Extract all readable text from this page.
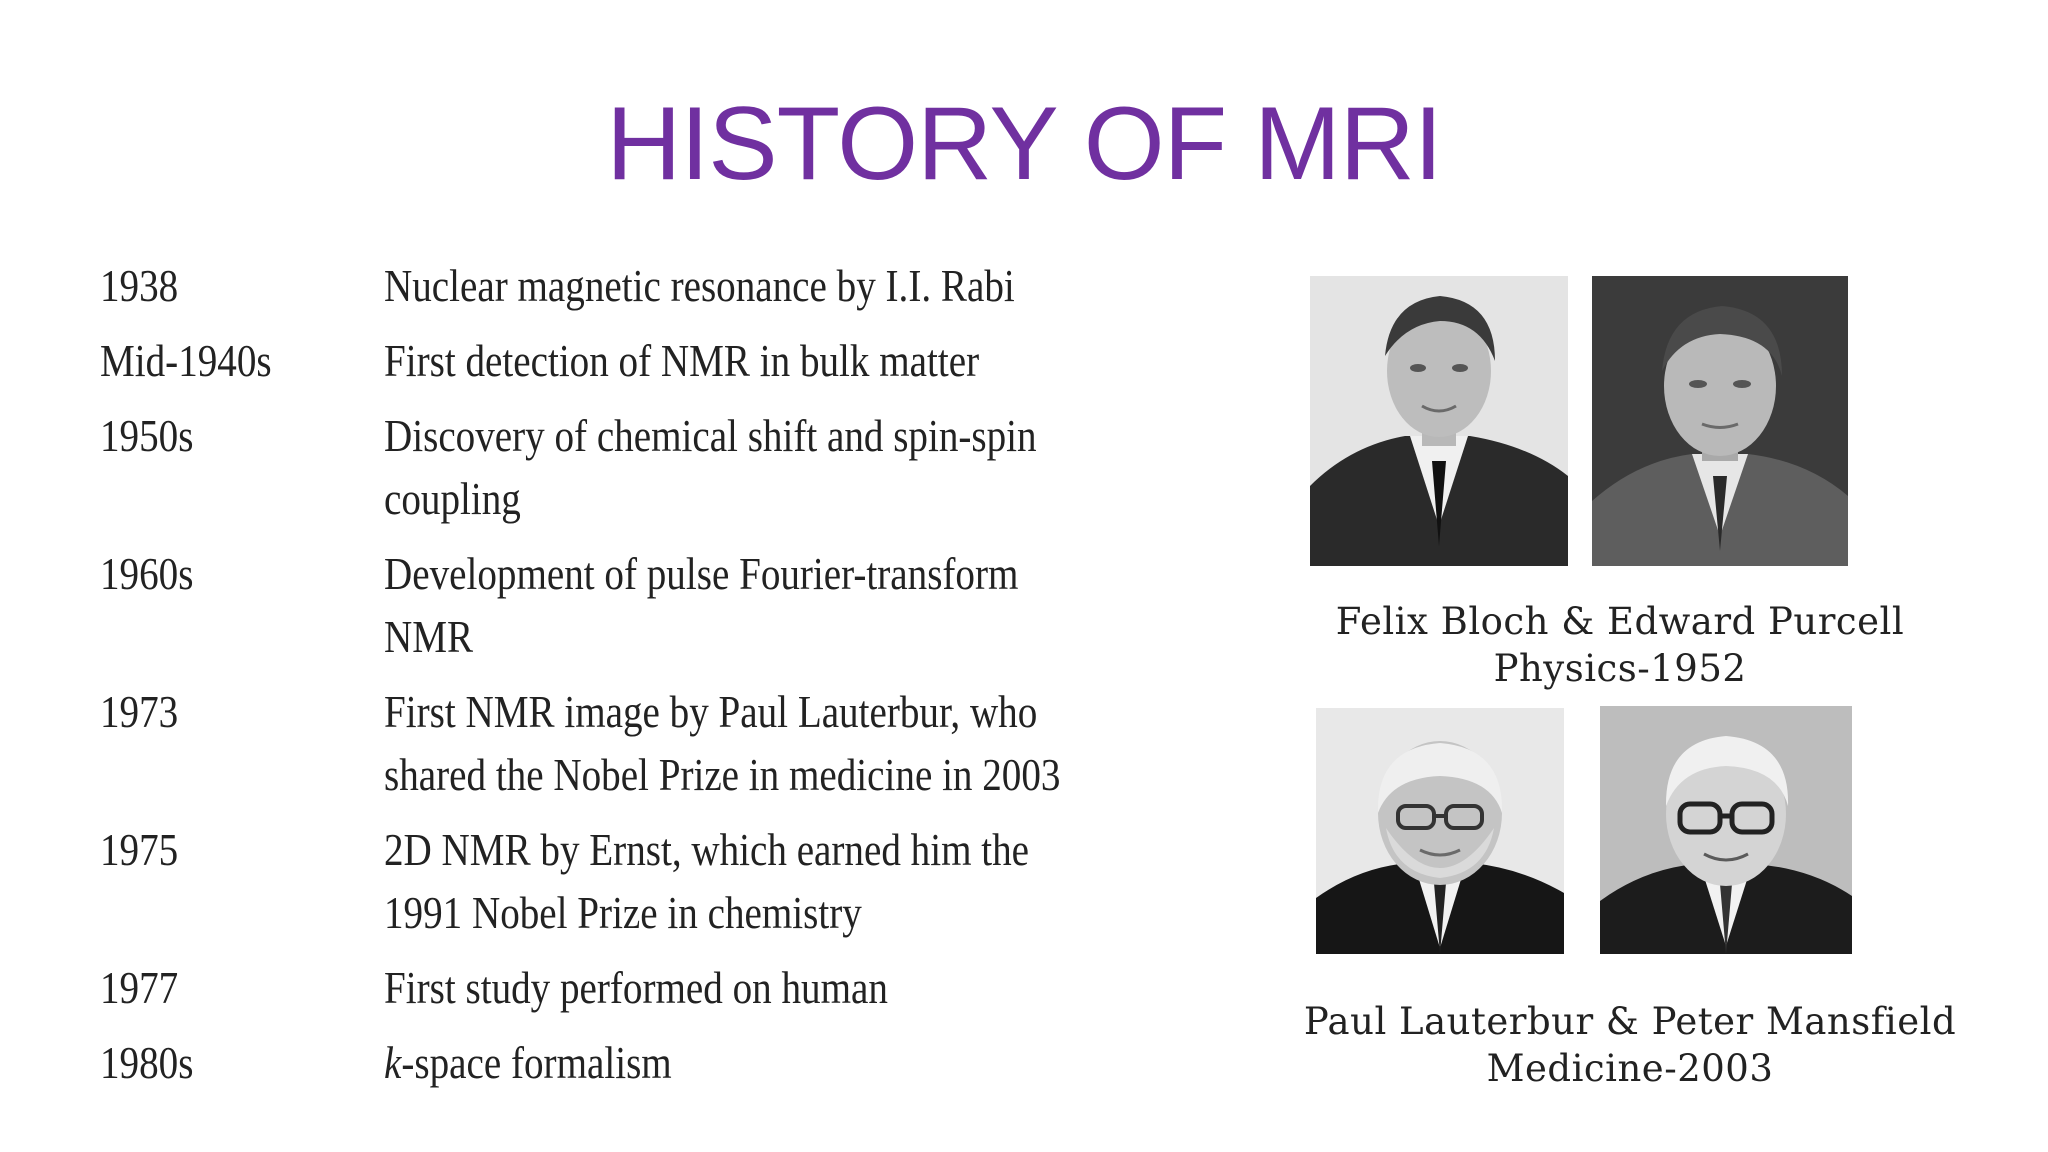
HISTORY OF MRI
1938	Nuclear magnetic resonance by I.I. Rabi
Mid-1940s	First detection of NMR in bulk matter
1950s	Discovery of chemical shift and spin-spin coupling
1960s	Development of pulse Fourier-transform NMR
1973	First NMR image by Paul Lauterbur, who shared the Nobel Prize in medicine in 2003
1975	2D NMR by Ernst, which earned him the 1991 Nobel Prize in chemistry
1977	First study performed on human
1980s	k-space formalism
Felix Bloch & Edward Purcell
Physics-1952
Paul Lauterbur & Peter Mansfield
Medicine-2003
